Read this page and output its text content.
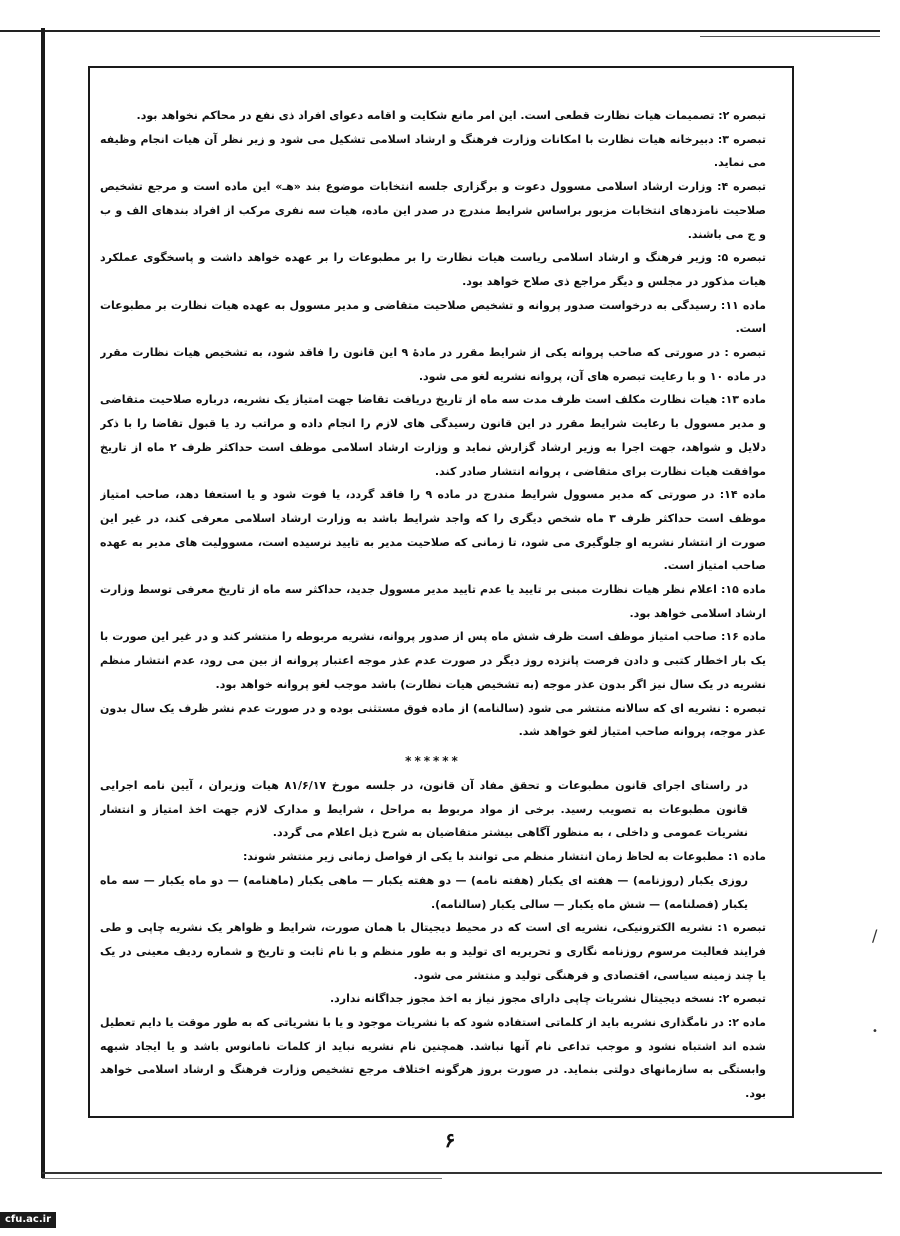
تبصره ۲: تصمیمات هیات نظارت قطعی است. این امر مانع شکایت و اقامه دعوای افراد ذی نفع در محاکم نخواهد بود.

تبصره ۳: دبیرخانه هیات نظارت با امکانات وزارت فرهنگ و ارشاد اسلامی تشکیل می شود و زیر نظر آن هیات انجام وظیفه می نماید.

تبصره ۴: وزارت ارشاد اسلامی مسوول دعوت و برگزاری جلسه انتخابات موضوع بند «هـ» این ماده است و مرجع تشخیص صلاحیت نامزدهای انتخابات مزبور براساس شرایط مندرج در صدر این ماده، هیات سه نفری مرکب از افراد بندهای الف و ب و ج می باشند.

تبصره ۵: وزیر فرهنگ و ارشاد اسلامی ریاست هیات نظارت را بر مطبوعات را بر عهده خواهد داشت و پاسخگوی عملکرد هیات مذکور در مجلس و دیگر مراجع ذی صلاح خواهد بود.

ماده ۱۱: رسیدگی به درخواست صدور پروانه و تشخیص صلاحیت متقاضی و مدیر مسوول به عهده هیات نظارت بر مطبوعات است.

تبصره : در صورتی که صاحب پروانه یکی از شرایط مقرر در مادهٔ ۹ این قانون را فاقد شود، به تشخیص هیات نظارت مقرر در ماده ۱۰ و با رعایت تبصره های آن، پروانه نشریه لغو می شود.

ماده ۱۳: هیات نظارت مکلف است ظرف مدت سه ماه از تاریخ دریافت تقاضا جهت امتیاز یک نشریه، درباره صلاحیت متقاضی و مدیر مسوول با رعایت شرایط مقرر در این قانون رسیدگی های لازم را انجام داده و مراتب رد یا قبول تقاضا را با ذکر دلایل و شواهد، جهت اجرا به وزیر ارشاد گزارش نماید و وزارت ارشاد اسلامی موظف است حداکثر ظرف ۲ ماه از تاریخ موافقت هیات نظارت برای متقاضی ، پروانه انتشار صادر کند.

ماده ۱۴: در صورتی که مدیر مسوول شرایط مندرج در ماده ۹ را فاقد گردد، یا فوت شود و یا استعفا دهد، صاحب امتیاز موظف است حداکثر ظرف ۳ ماه شخص دیگری را که واجد شرایط باشد به وزارت ارشاد اسلامی معرفی کند، در غیر این صورت از انتشار نشریه او جلوگیری می شود، تا زمانی که صلاحیت مدیر به تایید نرسیده است، مسوولیت های مدیر به عهده صاحب امتیاز است.

ماده ۱۵: اعلام نظر هیات نظارت مبنی بر تایید یا عدم تایید مدیر مسوول جدید، حداکثر سه ماه از تاریخ معرفی توسط وزارت ارشاد اسلامی خواهد بود.

ماده ۱۶: صاحب امتیاز موظف است ظرف شش ماه پس از صدور پروانه، نشریه مربوطه را منتشر کند و در غیر این صورت با یک بار اخطار کتبی و دادن فرصت پانزده روز دیگر در صورت عدم عذر موجه اعتبار پروانه از بین می رود، عدم انتشار منظم نشریه در یک سال نیز اگر بدون عذر موجه (به تشخیص هیات نظارت) باشد موجب لغو پروانه خواهد بود.

تبصره : نشریه ای که سالانه منتشر می شود (سالنامه) از ماده فوق مستثنی بوده و در صورت عدم نشر ظرف یک سال بدون عذر موجه، پروانه صاحب امتیاز لغو خواهد شد.

******

در راستای اجرای قانون مطبوعات و تحقق مفاد آن قانون، در جلسه مورخ ۸۱/۶/۱۷ هیات وزیران ، آیین نامه اجرایی قانون مطبوعات به تصویب رسید. برخی از مواد مربوط به مراحل ، شرایط و مدارک لازم جهت اخذ امتیاز و انتشار نشریات عمومی و داخلی ، به منظور آگاهی بیشتر متقاضیان به شرح ذیل اعلام می گردد.

ماده ۱: مطبوعات به لحاظ زمان انتشار منظم می توانند با یکی از فواصل زمانی زیر منتشر شوند:

روزی یکبار (روزنامه) — هفته ای یکبار (هفته نامه) — دو هفته یکبار — ماهی یکبار (ماهنامه) — دو ماه یکبار — سه ماه یکبار (فصلنامه) — شش ماه یکبار — سالی یکبار (سالنامه).

تبصره ۱: نشریه الکترونیکی، نشریه ای است که در محیط دیجیتال با همان صورت، شرایط و ظواهر یک نشریه چاپی و طی فرایند فعالیت مرسوم روزنامه نگاری و تحریریه ای تولید و به طور منظم و با نام ثابت و تاریخ و شماره ردیف معینی در یک یا چند زمینه سیاسی، اقتصادی و فرهنگی تولید و منتشر می شود.

تبصره ۲: نسخه دیجیتال نشریات چاپی دارای مجوز نیاز به اخذ مجوز جداگانه ندارد.

ماده ۲: در نامگذاری نشریه باید از کلماتی استفاده شود که با نشریات موجود و یا با نشریاتی که به طور موقت یا دایم تعطیل شده اند اشتباه نشود و موجب تداعی نام آنها نباشد. همچنین نام نشریه نباید از کلمات نامانوس باشد و یا ایجاد شبهه وابستگی به سازمانهای دولتی بنماید. در صورت بروز هرگونه اختلاف مرجع تشخیص وزارت فرهنگ و ارشاد اسلامی خواهد بود.

۶
/
•
cfu.ac.ir
